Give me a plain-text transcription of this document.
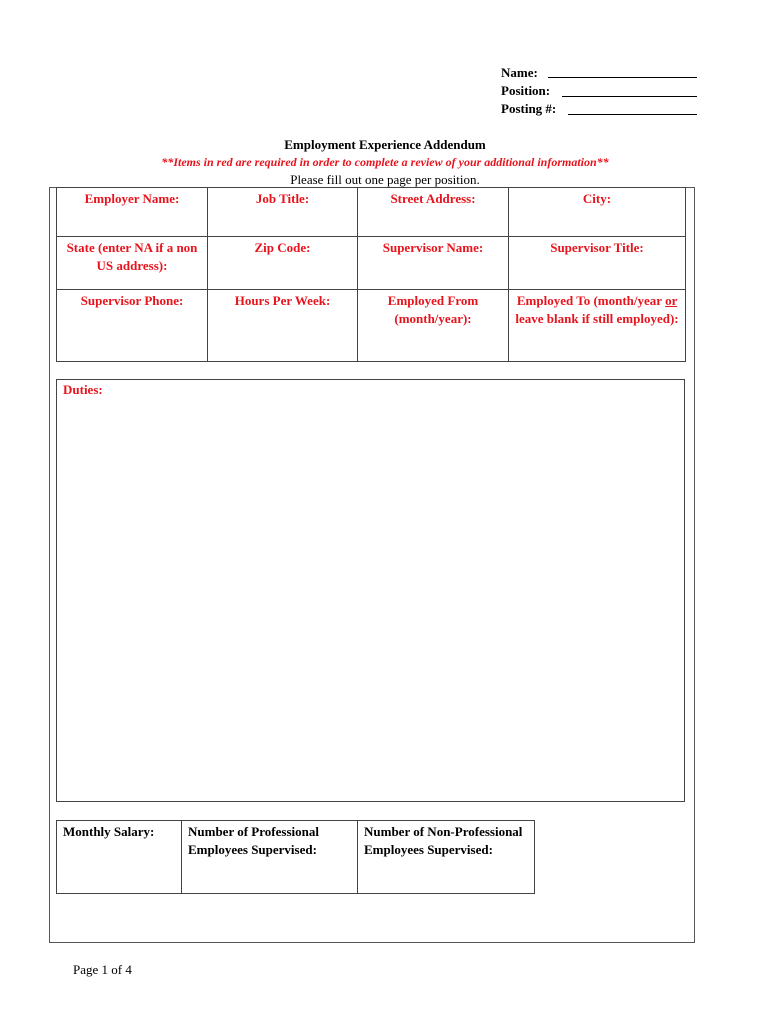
Name:
Position:
Posting #:
Employment Experience Addendum
**Items in red are required in order to complete a review of your additional information**
Please fill out one page per position.
Employer Name:	Job Title:	Street Address:	City:
State (enter NA if a non US address):	Zip Code:	Supervisor Name:	Supervisor Title:
Supervisor Phone:	Hours Per Week:	Employed From (month/year):	Employed To (month/year or leave blank if still employed):
Duties:
Monthly Salary:	Number of Professional Employees Supervised:	Number of Non-Professional Employees Supervised:
Page 1 of 4
